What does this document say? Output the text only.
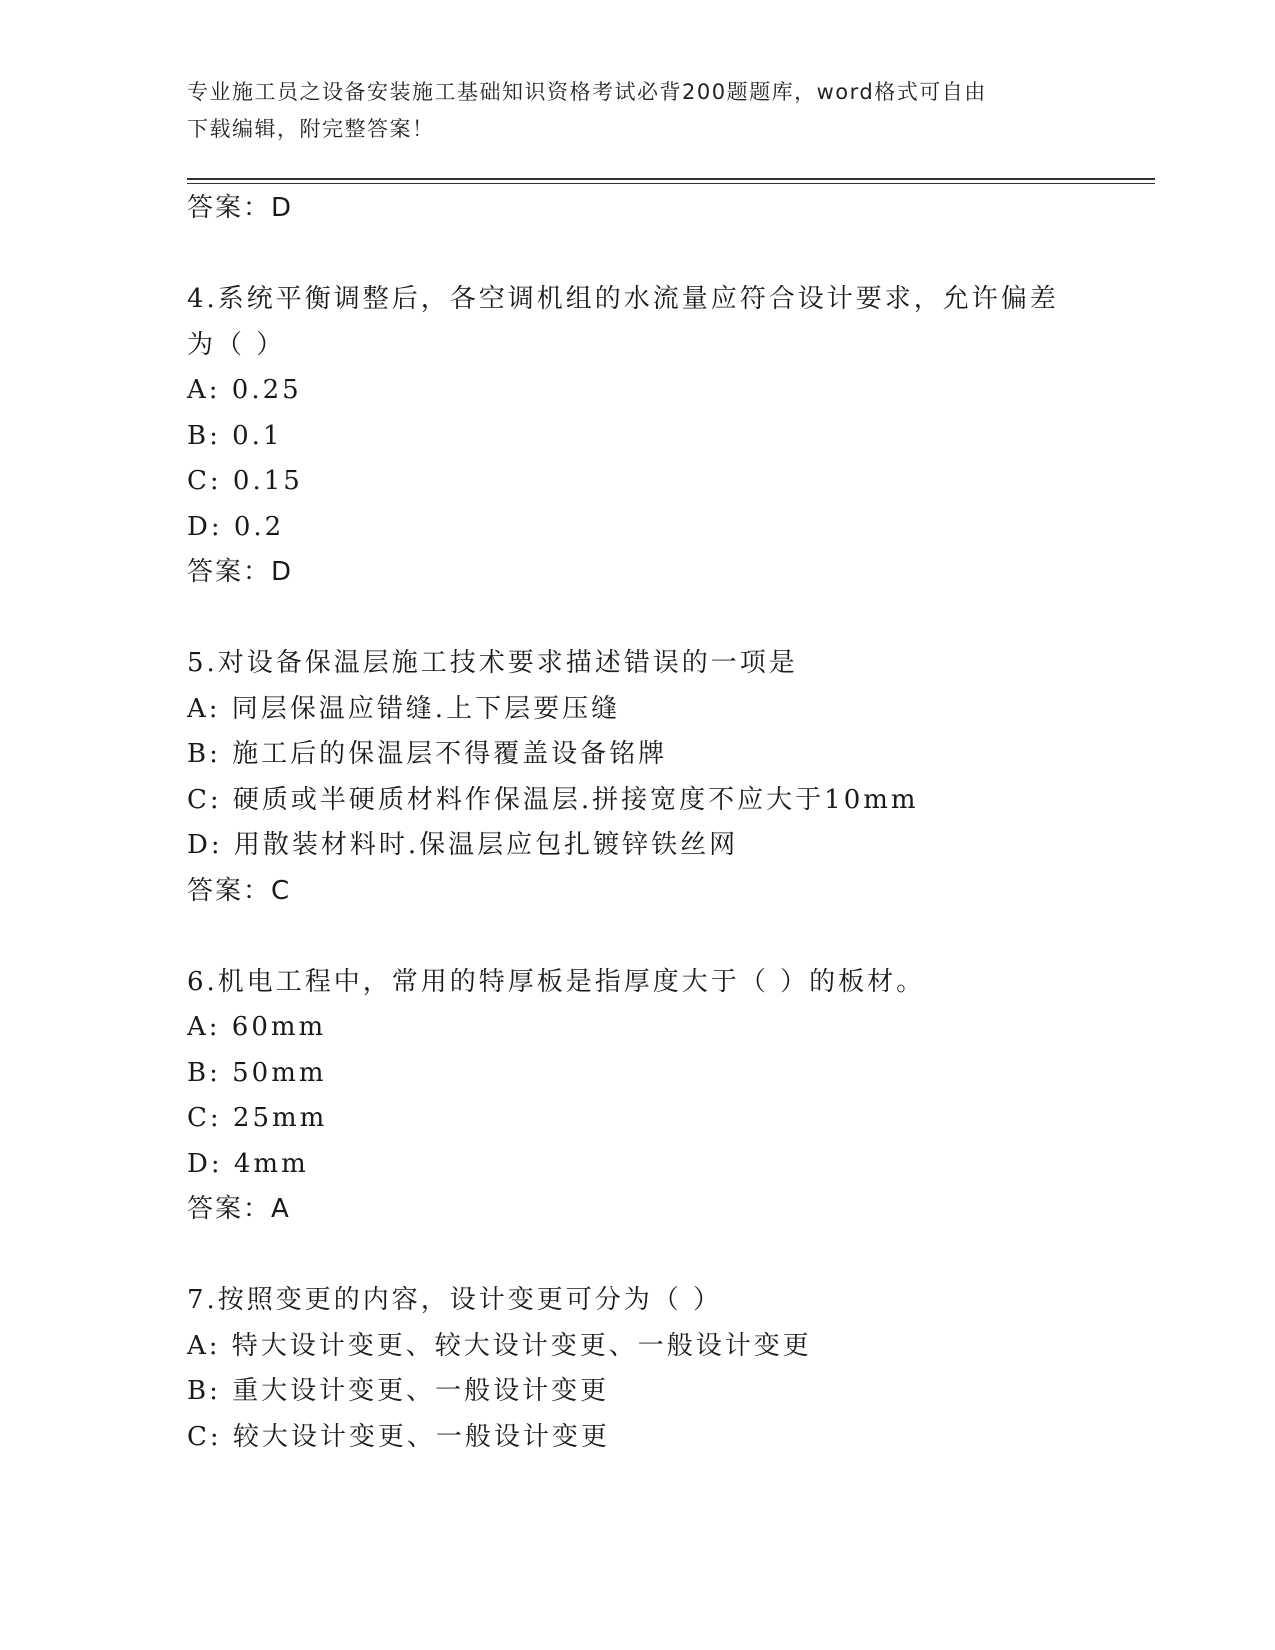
专业施工员之设备安装施工基础知识资格考试必背200题题库，word格式可自由
下载编辑，附完整答案！
答案：D
4.系统平衡调整后，各空调机组的水流量应符合设计要求，允许偏差
为（ ）
A: 0.25
B: 0.1
C: 0.15
D: 0.2
答案：D
5.对设备保温层施工技术要求描述错误的一项是
A: 同层保温应错缝.上下层要压缝
B: 施工后的保温层不得覆盖设备铭牌
C: 硬质或半硬质材料作保温层.拼接宽度不应大于10mm
D: 用散装材料时.保温层应包扎镀锌铁丝网
答案：C
6.机电工程中，常用的特厚板是指厚度大于（ ）的板材。
A: 60mm
B: 50mm
C: 25mm
D: 4mm
答案：A
7.按照变更的内容，设计变更可分为（ ）
A: 特大设计变更、较大设计变更、一般设计变更
B: 重大设计变更、一般设计变更
C: 较大设计变更、一般设计变更
